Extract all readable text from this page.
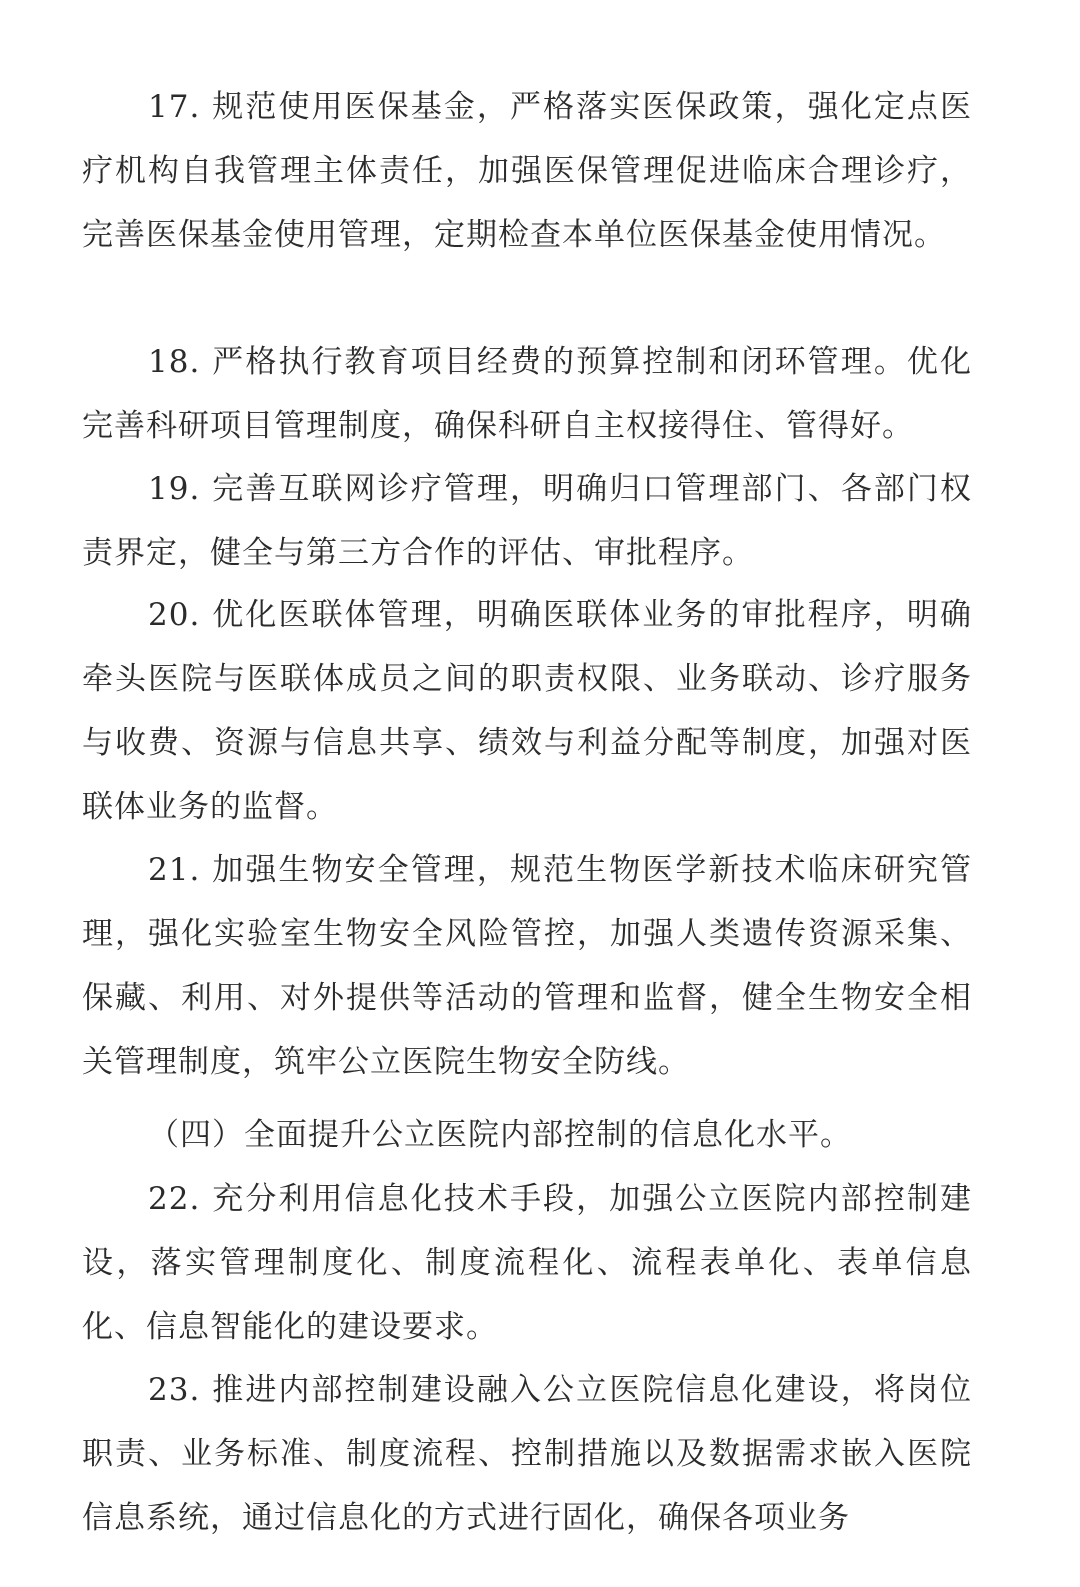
17. 规范使用医保基金，严格落实医保政策，强化定点医疗机构自我管理主体责任，加强医保管理促进临床合理诊疗，完善医保基金使用管理，定期检查本单位医保基金使用情况。

18. 严格执行教育项目经费的预算控制和闭环管理。优化完善科研项目管理制度，确保科研自主权接得住、管得好。

19. 完善互联网诊疗管理，明确归口管理部门、各部门权责界定，健全与第三方合作的评估、审批程序。

20. 优化医联体管理，明确医联体业务的审批程序，明确牵头医院与医联体成员之间的职责权限、业务联动、诊疗服务与收费、资源与信息共享、绩效与利益分配等制度，加强对医联体业务的监督。

21. 加强生物安全管理，规范生物医学新技术临床研究管理，强化实验室生物安全风险管控，加强人类遗传资源采集、保藏、利用、对外提供等活动的管理和监督，健全生物安全相关管理制度，筑牢公立医院生物安全防线。

（四）全面提升公立医院内部控制的信息化水平。

22. 充分利用信息化技术手段，加强公立医院内部控制建设，落实管理制度化、制度流程化、流程表单化、表单信息化、信息智能化的建设要求。

23. 推进内部控制建设融入公立医院信息化建设，将岗位职责、业务标准、制度流程、控制措施以及数据需求嵌入医院信息系统，通过信息化的方式进行固化，确保各项业务
